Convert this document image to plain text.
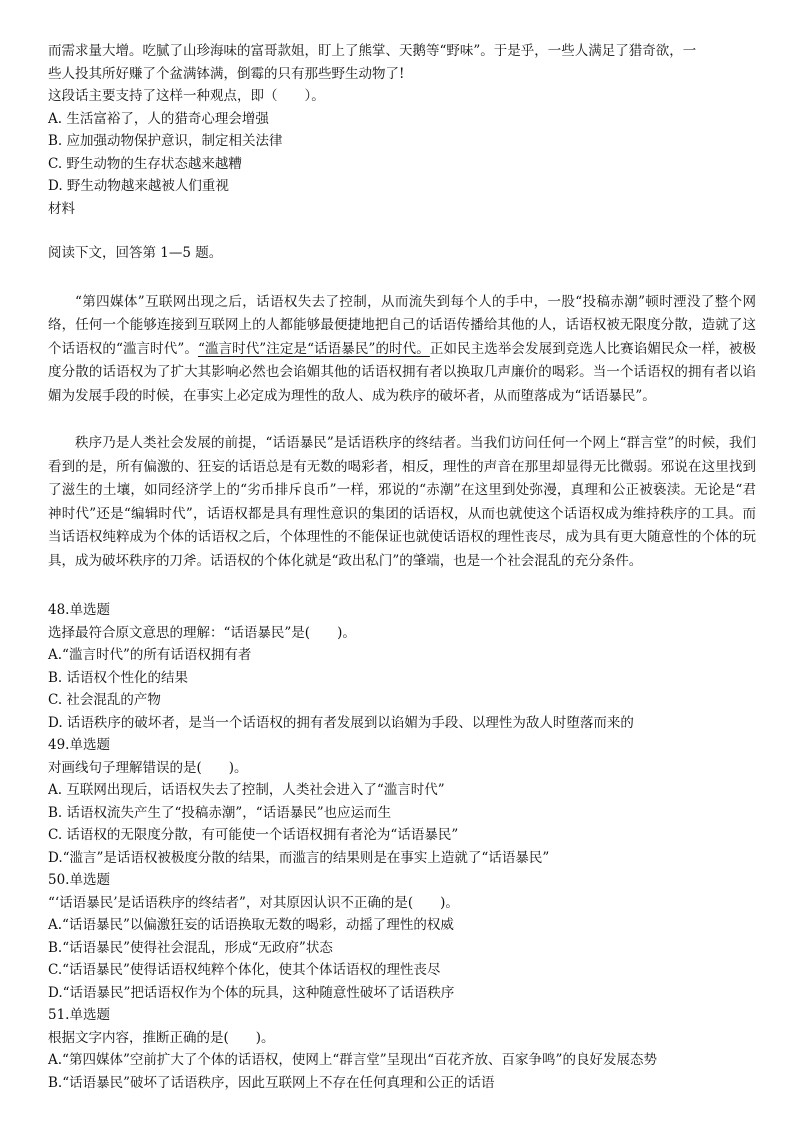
而需求量大增。吃腻了山珍海味的富哥款姐，盯上了熊掌、天鹅等“野味”。于是乎，一些人满足了猎奇欲，一
些人投其所好赚了个盆满钵满，倒霉的只有那些野生动物了!
这段话主要支持了这样一种观点，即（　　）。
A. 生活富裕了，人的猎奇心理会增强
B. 应加强动物保护意识，制定相关法律
C. 野生动物的生存状态越来越糟
D. 野生动物越来越被人们重视
材料
阅读下文，回答第 1—5 题。

“第四媒体”互联网出现之后，话语权失去了控制，从而流失到每个人的手中，一股“投稿赤潮”顿时湮没了整个网络，任何一个能够连接到互联网上的人都能够最便捷地把自己的话语传播给其他的人，话语权被无限度分散，造就了这个话语权的“滥言时代”。“滥言时代”注定是“话语暴民”的时代。正如民主选举会发展到竞选人比赛谄媚民众一样，被极度分散的话语权为了扩大其影响必然也会谄媚其他的话语权拥有者以换取几声廉价的喝彩。当一个话语权的拥有者以谄媚为发展手段的时候，在事实上必定成为理性的敌人、成为秩序的破坏者，从而堕落成为“话语暴民”。

秩序乃是人类社会发展的前提，“话语暴民”是话语秩序的终结者。当我们访问任何一个网上“群言堂”的时候，我们看到的是，所有偏激的、狂妄的话语总是有无数的喝彩者，相反，理性的声音在那里却显得无比微弱。邪说在这里找到了滋生的土壤，如同经济学上的“劣币排斥良币”一样，邪说的“赤潮”在这里到处弥漫，真理和公正被亵渎。无论是“君神时代”还是“编辑时代”，话语权都是具有理性意识的集团的话语权，从而也就使这个话语权成为维持秩序的工具。而当话语权纯粹成为个体的话语权之后，个体理性的不能保证也就使话语权的理性丧尽，成为具有更大随意性的个体的玩具，成为破坏秩序的刀斧。话语权的个体化就是“政出私门”的肇端，也是一个社会混乱的充分条件。

48.单选题
选择最符合原文意思的理解：“话语暴民”是(　　)。
A.“滥言时代”的所有话语权拥有者
B. 话语权个性化的结果
C. 社会混乱的产物
D. 话语秩序的破坏者，是当一个话语权的拥有者发展到以谄媚为手段、以理性为敌人时堕落而来的
49.单选题
对画线句子理解错误的是(　　)。
A. 互联网出现后，话语权失去了控制，人类社会进入了“滥言时代”
B. 话语权流失产生了“投稿赤潮”，“话语暴民”也应运而生
C. 话语权的无限度分散，有可能使一个话语权拥有者沦为“话语暴民”
D.“滥言”是话语权被极度分散的结果，而滥言的结果则是在事实上造就了“话语暴民”
50.单选题
“‘话语暴民’是话语秩序的终结者”，对其原因认识不正确的是(　　)。
A.“话语暴民”以偏激狂妄的话语换取无数的喝彩，动摇了理性的权威
B.“话语暴民”使得社会混乱，形成“无政府”状态
C.“话语暴民”使得话语权纯粹个体化，使其个体话语权的理性丧尽
D.“话语暴民”把话语权作为个体的玩具，这种随意性破坏了话语秩序
51.单选题
根据文字内容，推断正确的是(　　)。
A.“第四媒体”空前扩大了个体的话语权，使网上“群言堂”呈现出“百花齐放、百家争鸣”的良好发展态势
B.“话语暴民”破坏了话语秩序，因此互联网上不存在任何真理和公正的话语
